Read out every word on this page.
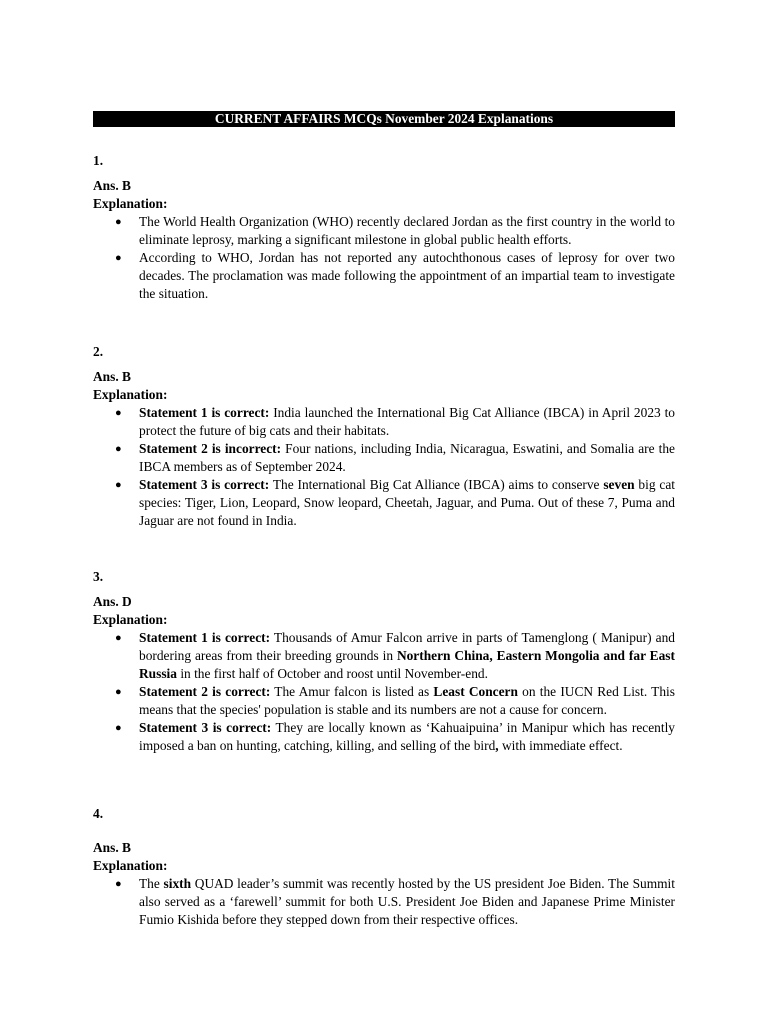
CURRENT AFFAIRS MCQs November 2024 Explanations
1.
Ans. B
Explanation:
● The World Health Organization (WHO) recently declared Jordan as the first country in the world to eliminate leprosy, marking a significant milestone in global public health efforts.
● According to WHO, Jordan has not reported any autochthonous cases of leprosy for over two decades. The proclamation was made following the appointment of an impartial team to investigate the situation.
2.
Ans. B
Explanation:
● Statement 1 is correct: India launched the International Big Cat Alliance (IBCA) in April 2023 to protect the future of big cats and their habitats.
● Statement 2 is incorrect: Four nations, including India, Nicaragua, Eswatini, and Somalia are the IBCA members as of September 2024.
● Statement 3 is correct: The International Big Cat Alliance (IBCA) aims to conserve seven big cat species: Tiger, Lion, Leopard, Snow leopard, Cheetah, Jaguar, and Puma. Out of these 7, Puma and Jaguar are not found in India.
3.
Ans. D
Explanation:
● Statement 1 is correct: Thousands of Amur Falcon arrive in parts of Tamenglong ( Manipur) and bordering areas from their breeding grounds in Northern China, Eastern Mongolia and far East Russia in the first half of October and roost until November-end.
● Statement 2 is correct: The Amur falcon is listed as Least Concern on the IUCN Red List. This means that the species' population is stable and its numbers are not a cause for concern.
● Statement 3 is correct: They are locally known as ‘Kahuaipuina’ in Manipur which has recently imposed a ban on hunting, catching, killing, and selling of the bird, with immediate effect.
4.
Ans. B
Explanation:
● The sixth QUAD leader’s summit was recently hosted by the US president Joe Biden. The Summit also served as a ‘farewell’ summit for both U.S. President Joe Biden and Japanese Prime Minister Fumio Kishida before they stepped down from their respective offices.
